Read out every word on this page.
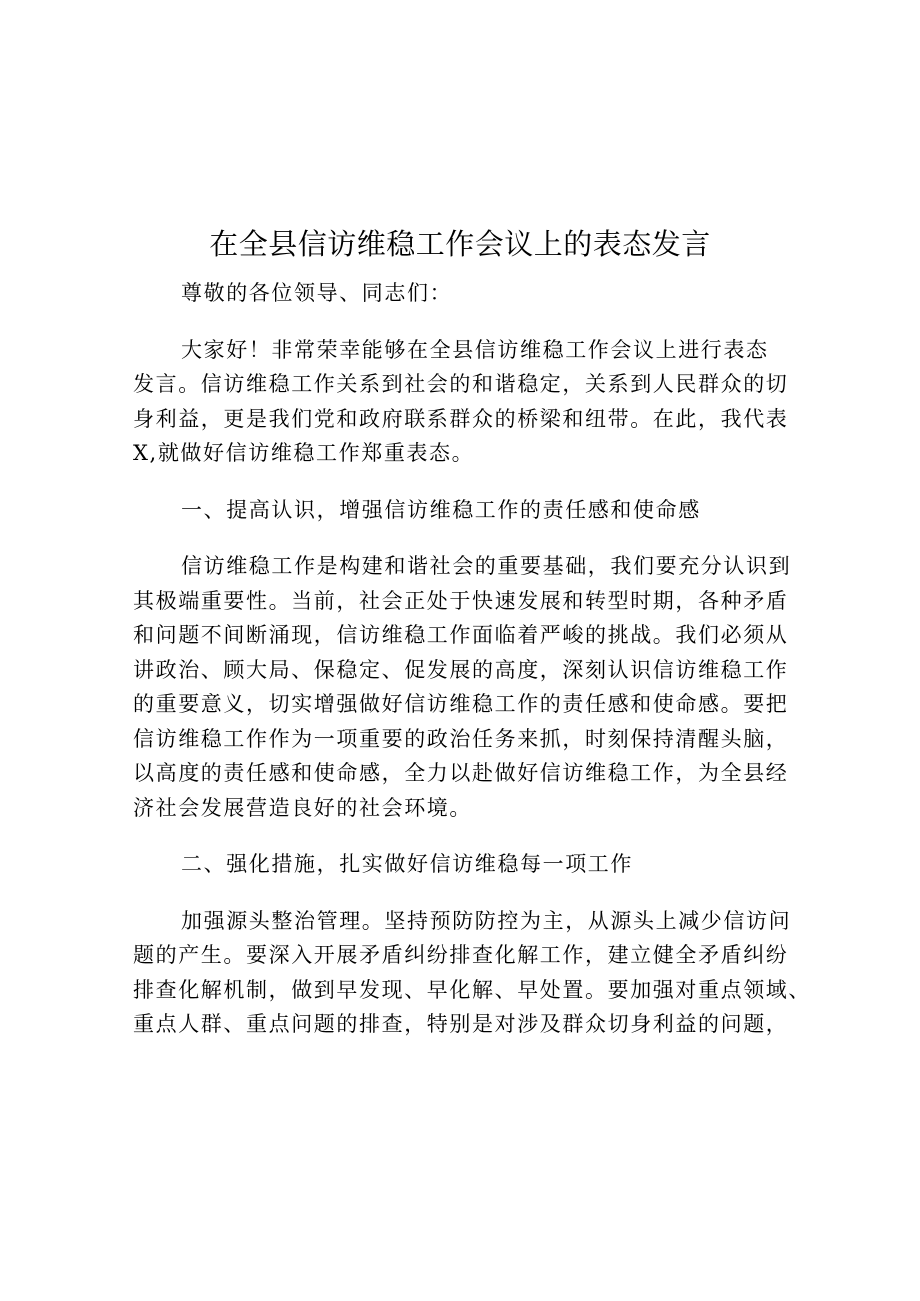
在全县信访维稳工作会议上的表态发言

尊敬的各位领导、同志们：

大家好！非常荣幸能够在全县信访维稳工作会议上进行表态
发言。信访维稳工作关系到社会的和谐稳定，关系到人民群众的切
身利益，更是我们党和政府联系群众的桥梁和纽带。在此，我代表
X,就做好信访维稳工作郑重表态。

一、提高认识，增强信访维稳工作的责任感和使命感

信访维稳工作是构建和谐社会的重要基础，我们要充分认识到
其极端重要性。当前，社会正处于快速发展和转型时期，各种矛盾
和问题不间断涌现，信访维稳工作面临着严峻的挑战。我们必须从
讲政治、顾大局、保稳定、促发展的高度，深刻认识信访维稳工作
的重要意义，切实增强做好信访维稳工作的责任感和使命感。要把
信访维稳工作作为一项重要的政治任务来抓，时刻保持清醒头脑，
以高度的责任感和使命感，全力以赴做好信访维稳工作，为全县经
济社会发展营造良好的社会环境。

二、强化措施，扎实做好信访维稳每一项工作

加强源头整治管理。坚持预防防控为主，从源头上减少信访问
题的产生。要深入开展矛盾纠纷排查化解工作，建立健全矛盾纠纷
排查化解机制，做到早发现、早化解、早处置。要加强对重点领域、
重点人群、重点问题的排查，特别是对涉及群众切身利益的问题，
